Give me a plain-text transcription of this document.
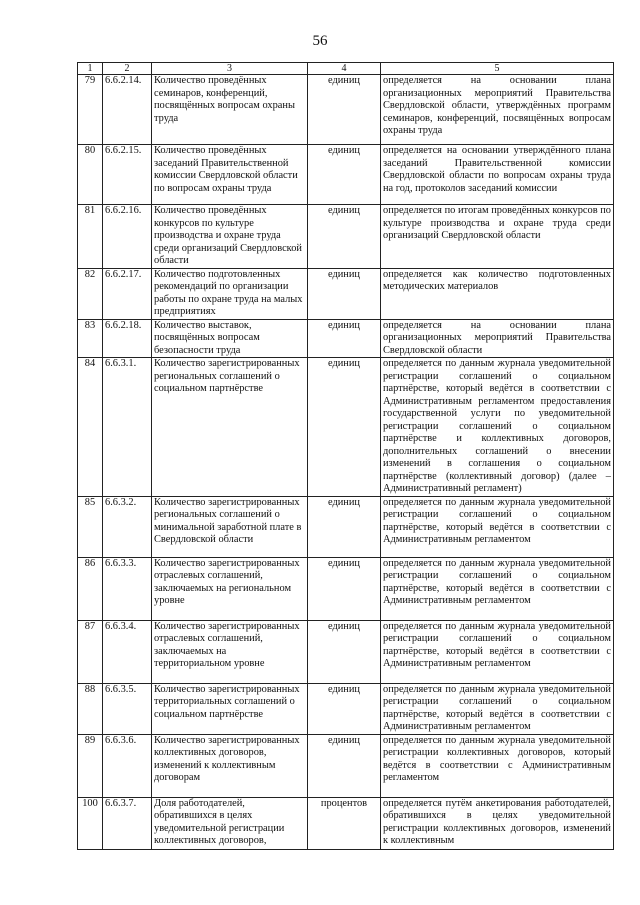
56
1	2	3	4	5
79	6.6.2.14.	Количество проведённых семинаров, конференций, посвящённых вопросам охраны труда	единиц	определяется на основании плана организационных мероприятий Правительства Свердловской области, утверждённых программ семинаров, конференций, посвящённых вопросам охраны труда
80	6.6.2.15.	Количество проведённых заседаний Правительственной комиссии Свердловской области по вопросам охраны труда	единиц	определяется на основании утверждённого плана заседаний Правительственной комиссии Свердловской области по вопросам охраны труда на год, протоколов заседаний комиссии
81	6.6.2.16.	Количество проведённых конкурсов по культуре производства и охране труда среди организаций Свердловской области	единиц	определяется по итогам проведённых конкурсов по культуре производства и охране труда среди организаций Свердловской области
82	6.6.2.17.	Количество подготовленных рекомендаций по организации работы по охране труда на малых предприятиях	единиц	определяется как количество подготовленных методических материалов
83	6.6.2.18.	Количество выставок, посвящённых вопросам безопасности труда	единиц	определяется на основании плана организационных мероприятий Правительства Свердловской области
84	6.6.3.1.	Количество зарегистрированных региональных соглашений о социальном партнёрстве	единиц	определяется по данным журнала уведомительной регистрации соглашений о социальном партнёрстве, который ведётся в соответствии с Административным регламентом предоставления государственной услуги по уведомительной регистрации соглашений о социальном партнёрстве и коллективных договоров, дополнительных соглашений о внесении изменений в соглашения о социальном партнёрстве (коллективный договор) (далее – Административный регламент)
85	6.6.3.2.	Количество зарегистрированных региональных соглашений о минимальной заработной плате в Свердловской области	единиц	определяется по данным журнала уведомительной регистрации соглашений о социальном партнёрстве, который ведётся в соответствии с Административным регламентом
86	6.6.3.3.	Количество зарегистрированных отраслевых соглашений, заключаемых на региональном уровне	единиц	определяется по данным журнала уведомительной регистрации соглашений о социальном партнёрстве, который ведётся в соответствии с Административным регламентом
87	6.6.3.4.	Количество зарегистрированных отраслевых соглашений, заключаемых на территориальном уровне	единиц	определяется по данным журнала уведомительной регистрации соглашений о социальном партнёрстве, который ведётся в соответствии с Административным регламентом
88	6.6.3.5.	Количество зарегистрированных территориальных соглашений о социальном партнёрстве	единиц	определяется по данным журнала уведомительной регистрации соглашений о социальном партнёрстве, который ведётся в соответствии с Административным регламентом
89	6.6.3.6.	Количество зарегистрированных коллективных договоров, изменений к коллективным договорам	единиц	определяется по данным журнала уведомительной регистрации коллективных договоров, который ведётся в соответствии с Административным регламентом
100	6.6.3.7.	Доля работодателей, обратившихся в целях уведомительной регистрации коллективных договоров,	процентов	определяется путём анкетирования работодателей, обратившихся в целях уведомительной регистрации коллективных договоров, изменений к коллективным
